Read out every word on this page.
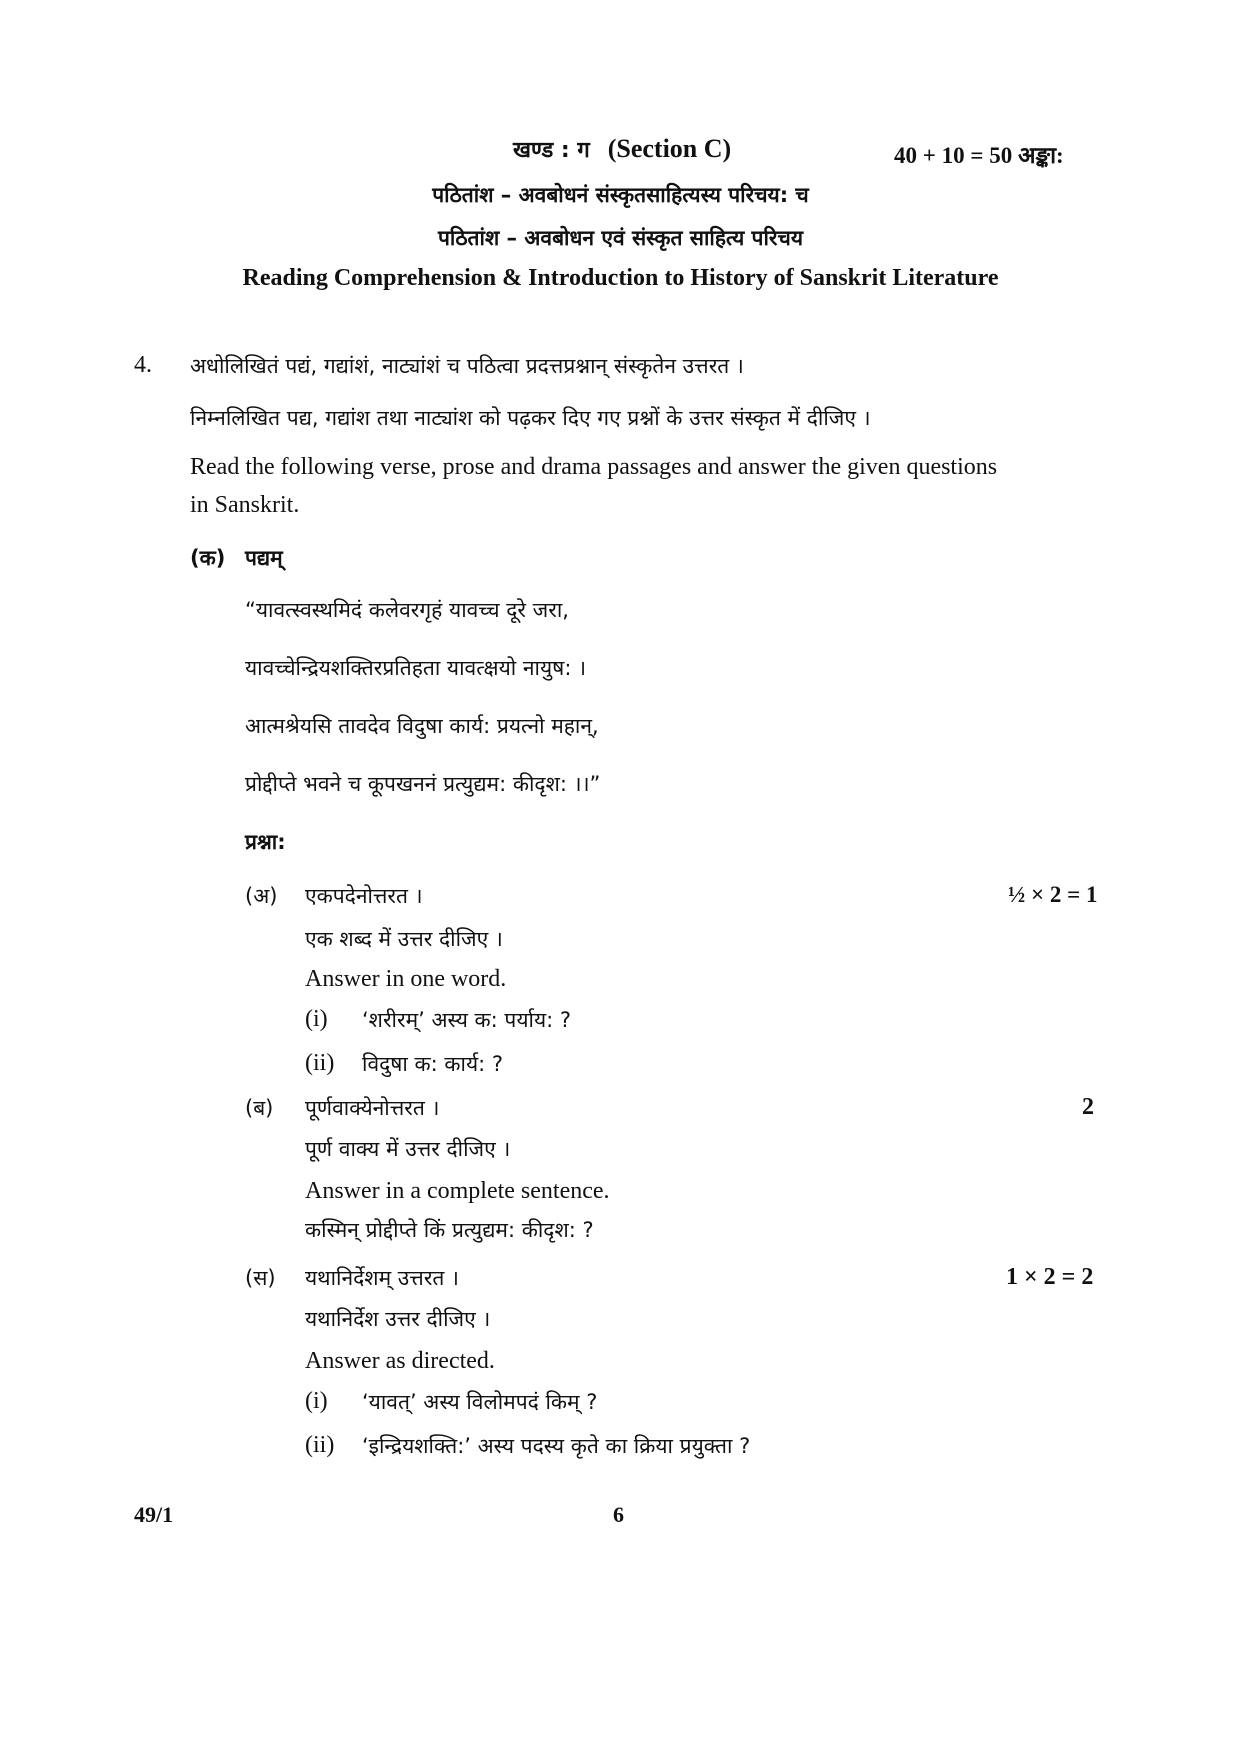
खण्ड : ग (Section C)	40 + 10 = 50 अङ्का:
पठितांश – अवबोधनं संस्कृतसाहित्यस्य परिचय: च
पठितांश – अवबोधन एवं संस्कृत साहित्य परिचय
Reading Comprehension & Introduction to History of Sanskrit Literature
4. अधोलिखितं पद्यं, गद्यांशं, नाट्यांशं च पठित्वा प्रदत्तप्रश्नान् संस्कृतेन उत्तरत ।
निम्नलिखित पद्य, गद्यांश तथा नाट्यांश को पढ़कर दिए गए प्रश्नों के उत्तर संस्कृत में दीजिए ।
Read the following verse, prose and drama passages and answer the given questions
in Sanskrit.
(क) पद्यम्
“यावत्स्वस्थमिदं कलेवरगृहं यावच्च दूरे जरा,
यावच्चेन्द्रियशक्तिरप्रतिहता यावत्क्षयो नायुष: ।
आत्मश्रेयसि तावदेव विदुषा कार्य: प्रयत्नो महान्,
प्रोद्दीप्ते भवने च कूपखननं प्रत्युद्यम: कीदृश: ।।”
प्रश्ना:
(अ) एकपदेनोत्तरत ।	½ × 2 = 1
एक शब्द में उत्तर दीजिए ।
Answer in one word.
(i) ‘शरीरम्’ अस्य क: पर्याय: ?
(ii) विदुषा क: कार्य: ?
(ब) पूर्णवाक्येनोत्तरत ।	2
पूर्ण वाक्य में उत्तर दीजिए ।
Answer in a complete sentence.
कस्मिन् प्रोद्दीप्ते किं प्रत्युद्यम: कीदृश: ?
(स) यथानिर्देशम् उत्तरत ।	1 × 2 = 2
यथानिर्देश उत्तर दीजिए ।
Answer as directed.
(i) ‘यावत्’ अस्य विलोमपदं किम् ?
(ii) ‘इन्द्रियशक्ति:’ अस्य पदस्य कृते का क्रिया प्रयुक्ता ?
49/1	6
